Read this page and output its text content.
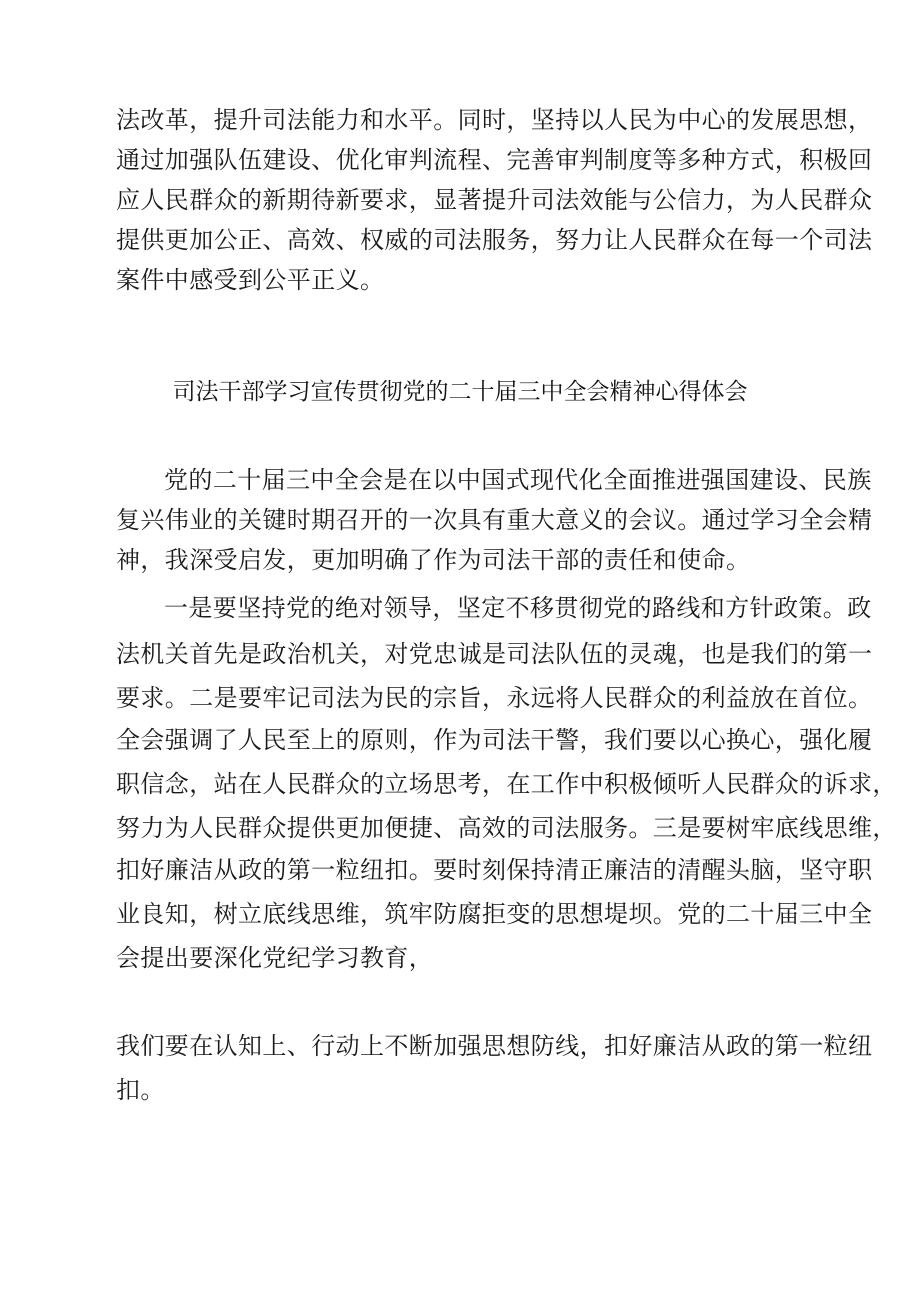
法改革，提升司法能力和水平。同时，坚持以人民为中心的发展思想，
通过加强队伍建设、优化审判流程、完善审判制度等多种方式，积极回
应人民群众的新期待新要求，显著提升司法效能与公信力，为人民群众
提供更加公正、高效、权威的司法服务，努力让人民群众在每一个司法
案件中感受到公平正义。
司法干部学习宣传贯彻党的二十届三中全会精神心得体会
党的二十届三中全会是在以中国式现代化全面推进强国建设、民族
复兴伟业的关键时期召开的一次具有重大意义的会议。通过学习全会精
神，我深受启发，更加明确了作为司法干部的责任和使命。
一是要坚持党的绝对领导，坚定不移贯彻党的路线和方针政策。政
法机关首先是政治机关，对党忠诚是司法队伍的灵魂，也是我们的第一
要求。二是要牢记司法为民的宗旨，永远将人民群众的利益放在首位。
全会强调了人民至上的原则，作为司法干警，我们要以心换心，强化履
职信念，站在人民群众的立场思考，在工作中积极倾听人民群众的诉求，
努力为人民群众提供更加便捷、高效的司法服务。三是要树牢底线思维，
扣好廉洁从政的第一粒纽扣。要时刻保持清正廉洁的清醒头脑，坚守职
业良知，树立底线思维，筑牢防腐拒变的思想堤坝。党的二十届三中全
会提出要深化党纪学习教育，
我们要在认知上、行动上不断加强思想防线，扣好廉洁从政的第一粒纽
扣。
